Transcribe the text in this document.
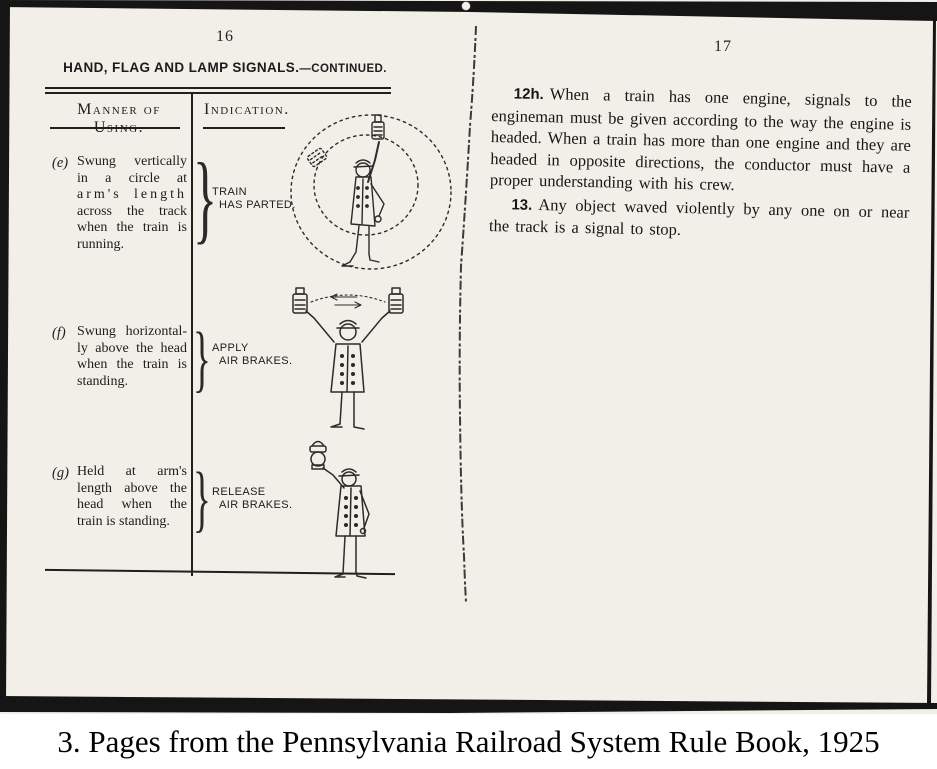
16
HAND, FLAG AND LAMP SIGNALS.—CONTINUED.
Manner of Using.
Indication.
(e) Swung vertically
in a circle at
arm's length
across the track
when the train is
running. }
TRAIN
HAS PARTED.
(f) Swung horizontal-
ly above the head
when the train is
standing. } APPLY
AIR BRAKES.
(g) Held at arm's
length above the
head when the
train is standing. } RELEASE
AIR BRAKES.
17

12h. When a train has one engine, signals to the engineman must be given according to the way the engine is headed. When a train has more than one engine and they are headed in opposite directions, the conductor must have a proper understanding with his crew.

13. Any object waved violently by any one on or near the track is a signal to stop.

3. Pages from the Pennsylvania Railroad System Rule Book, 1925
